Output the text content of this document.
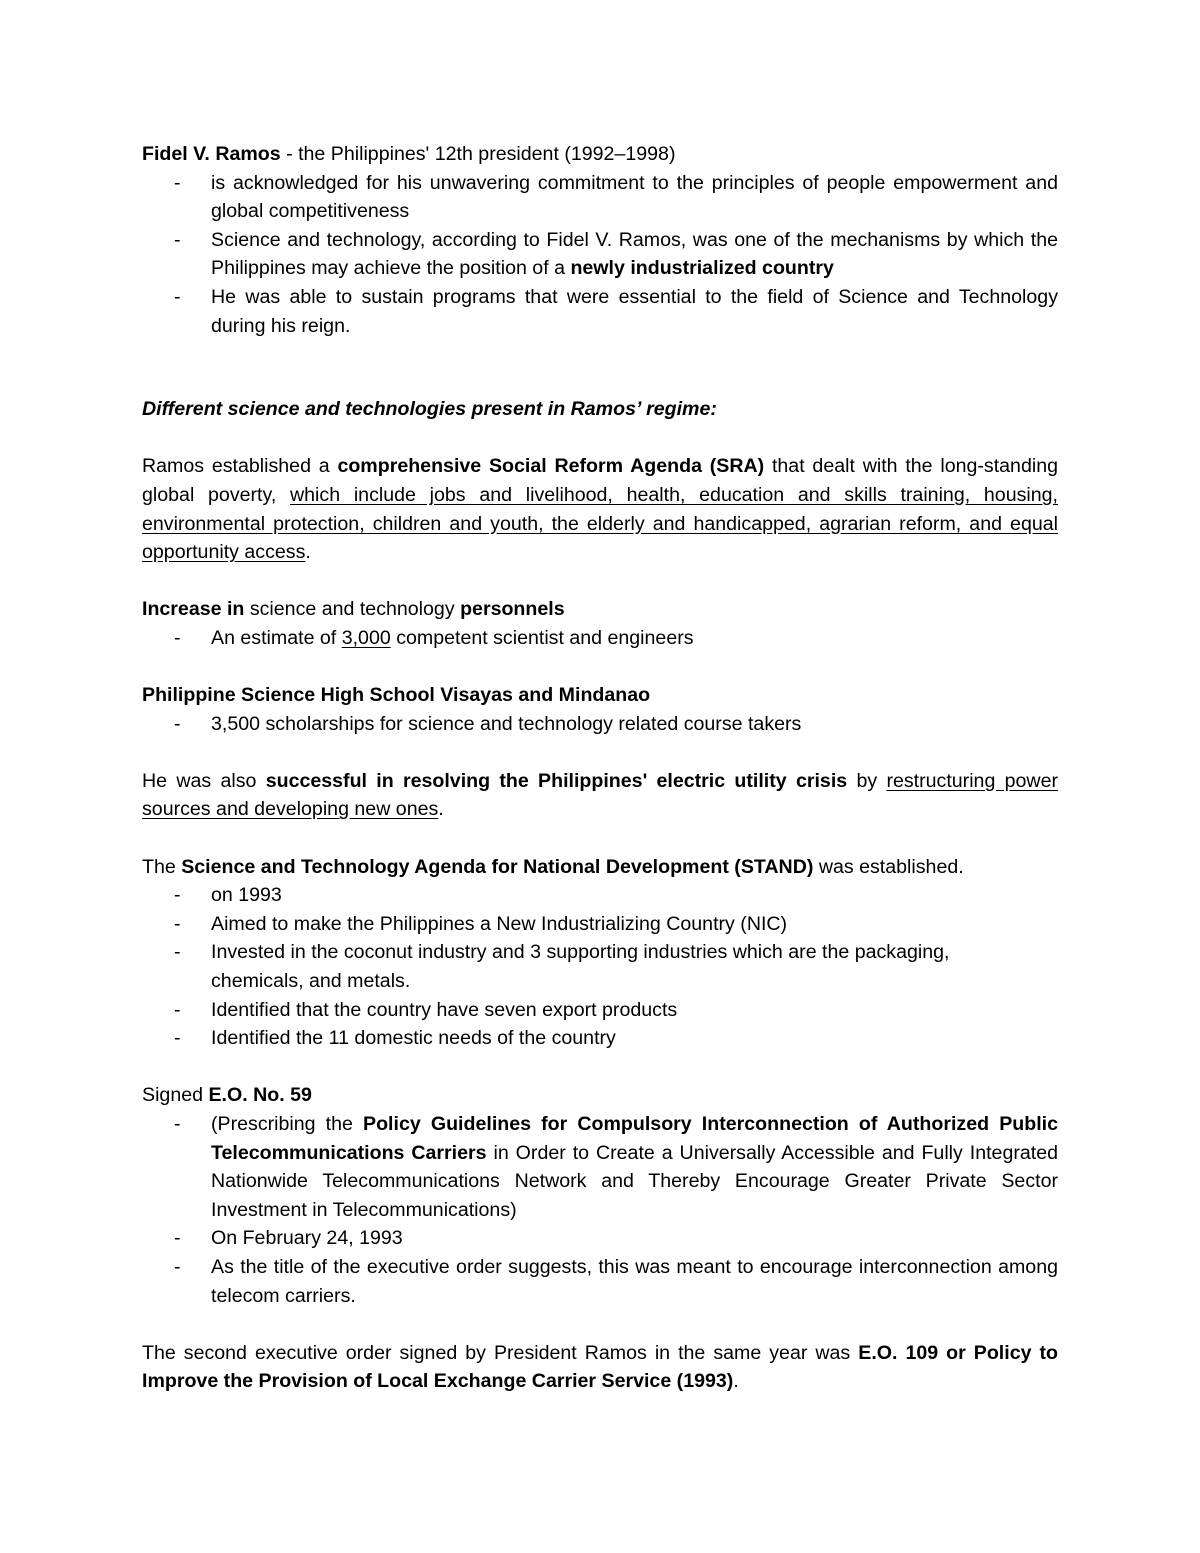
Fidel V. Ramos - the Philippines' 12th president (1992–1998)

- is acknowledged for his unwavering commitment to the principles of people empowerment and global competitiveness
- Science and technology, according to Fidel V. Ramos, was one of the mechanisms by which the Philippines may achieve the position of a newly industrialized country
- He was able to sustain programs that were essential to the field of Science and Technology during his reign.

Different science and technologies present in Ramos’ regime:

Ramos established a comprehensive Social Reform Agenda (SRA) that dealt with the long-standing global poverty, which include jobs and livelihood, health, education and skills training, housing, environmental protection, children and youth, the elderly and handicapped, agrarian reform, and equal opportunity access.

Increase in science and technology personnels

- An estimate of 3,000 competent scientist and engineers

Philippine Science High School Visayas and Mindanao

- 3,500 scholarships for science and technology related course takers

He was also successful in resolving the Philippines' electric utility crisis by restructuring power sources and developing new ones.

The Science and Technology Agenda for National Development (STAND) was established.

- on 1993
- Aimed to make the Philippines a New Industrializing Country (NIC)
- Invested in the coconut industry and 3 supporting industries which are the packaging, chemicals, and metals.
- Identified that the country have seven export products
- Identified the 11 domestic needs of the country

Signed E.O. No. 59

- (Prescribing the Policy Guidelines for Compulsory Interconnection of Authorized Public Telecommunications Carriers in Order to Create a Universally Accessible and Fully Integrated Nationwide Telecommunications Network and Thereby Encourage Greater Private Sector Investment in Telecommunications)
- On February 24, 1993
- As the title of the executive order suggests, this was meant to encourage interconnection among telecom carriers.

The second executive order signed by President Ramos in the same year was E.O. 109 or Policy to Improve the Provision of Local Exchange Carrier Service (1993).
